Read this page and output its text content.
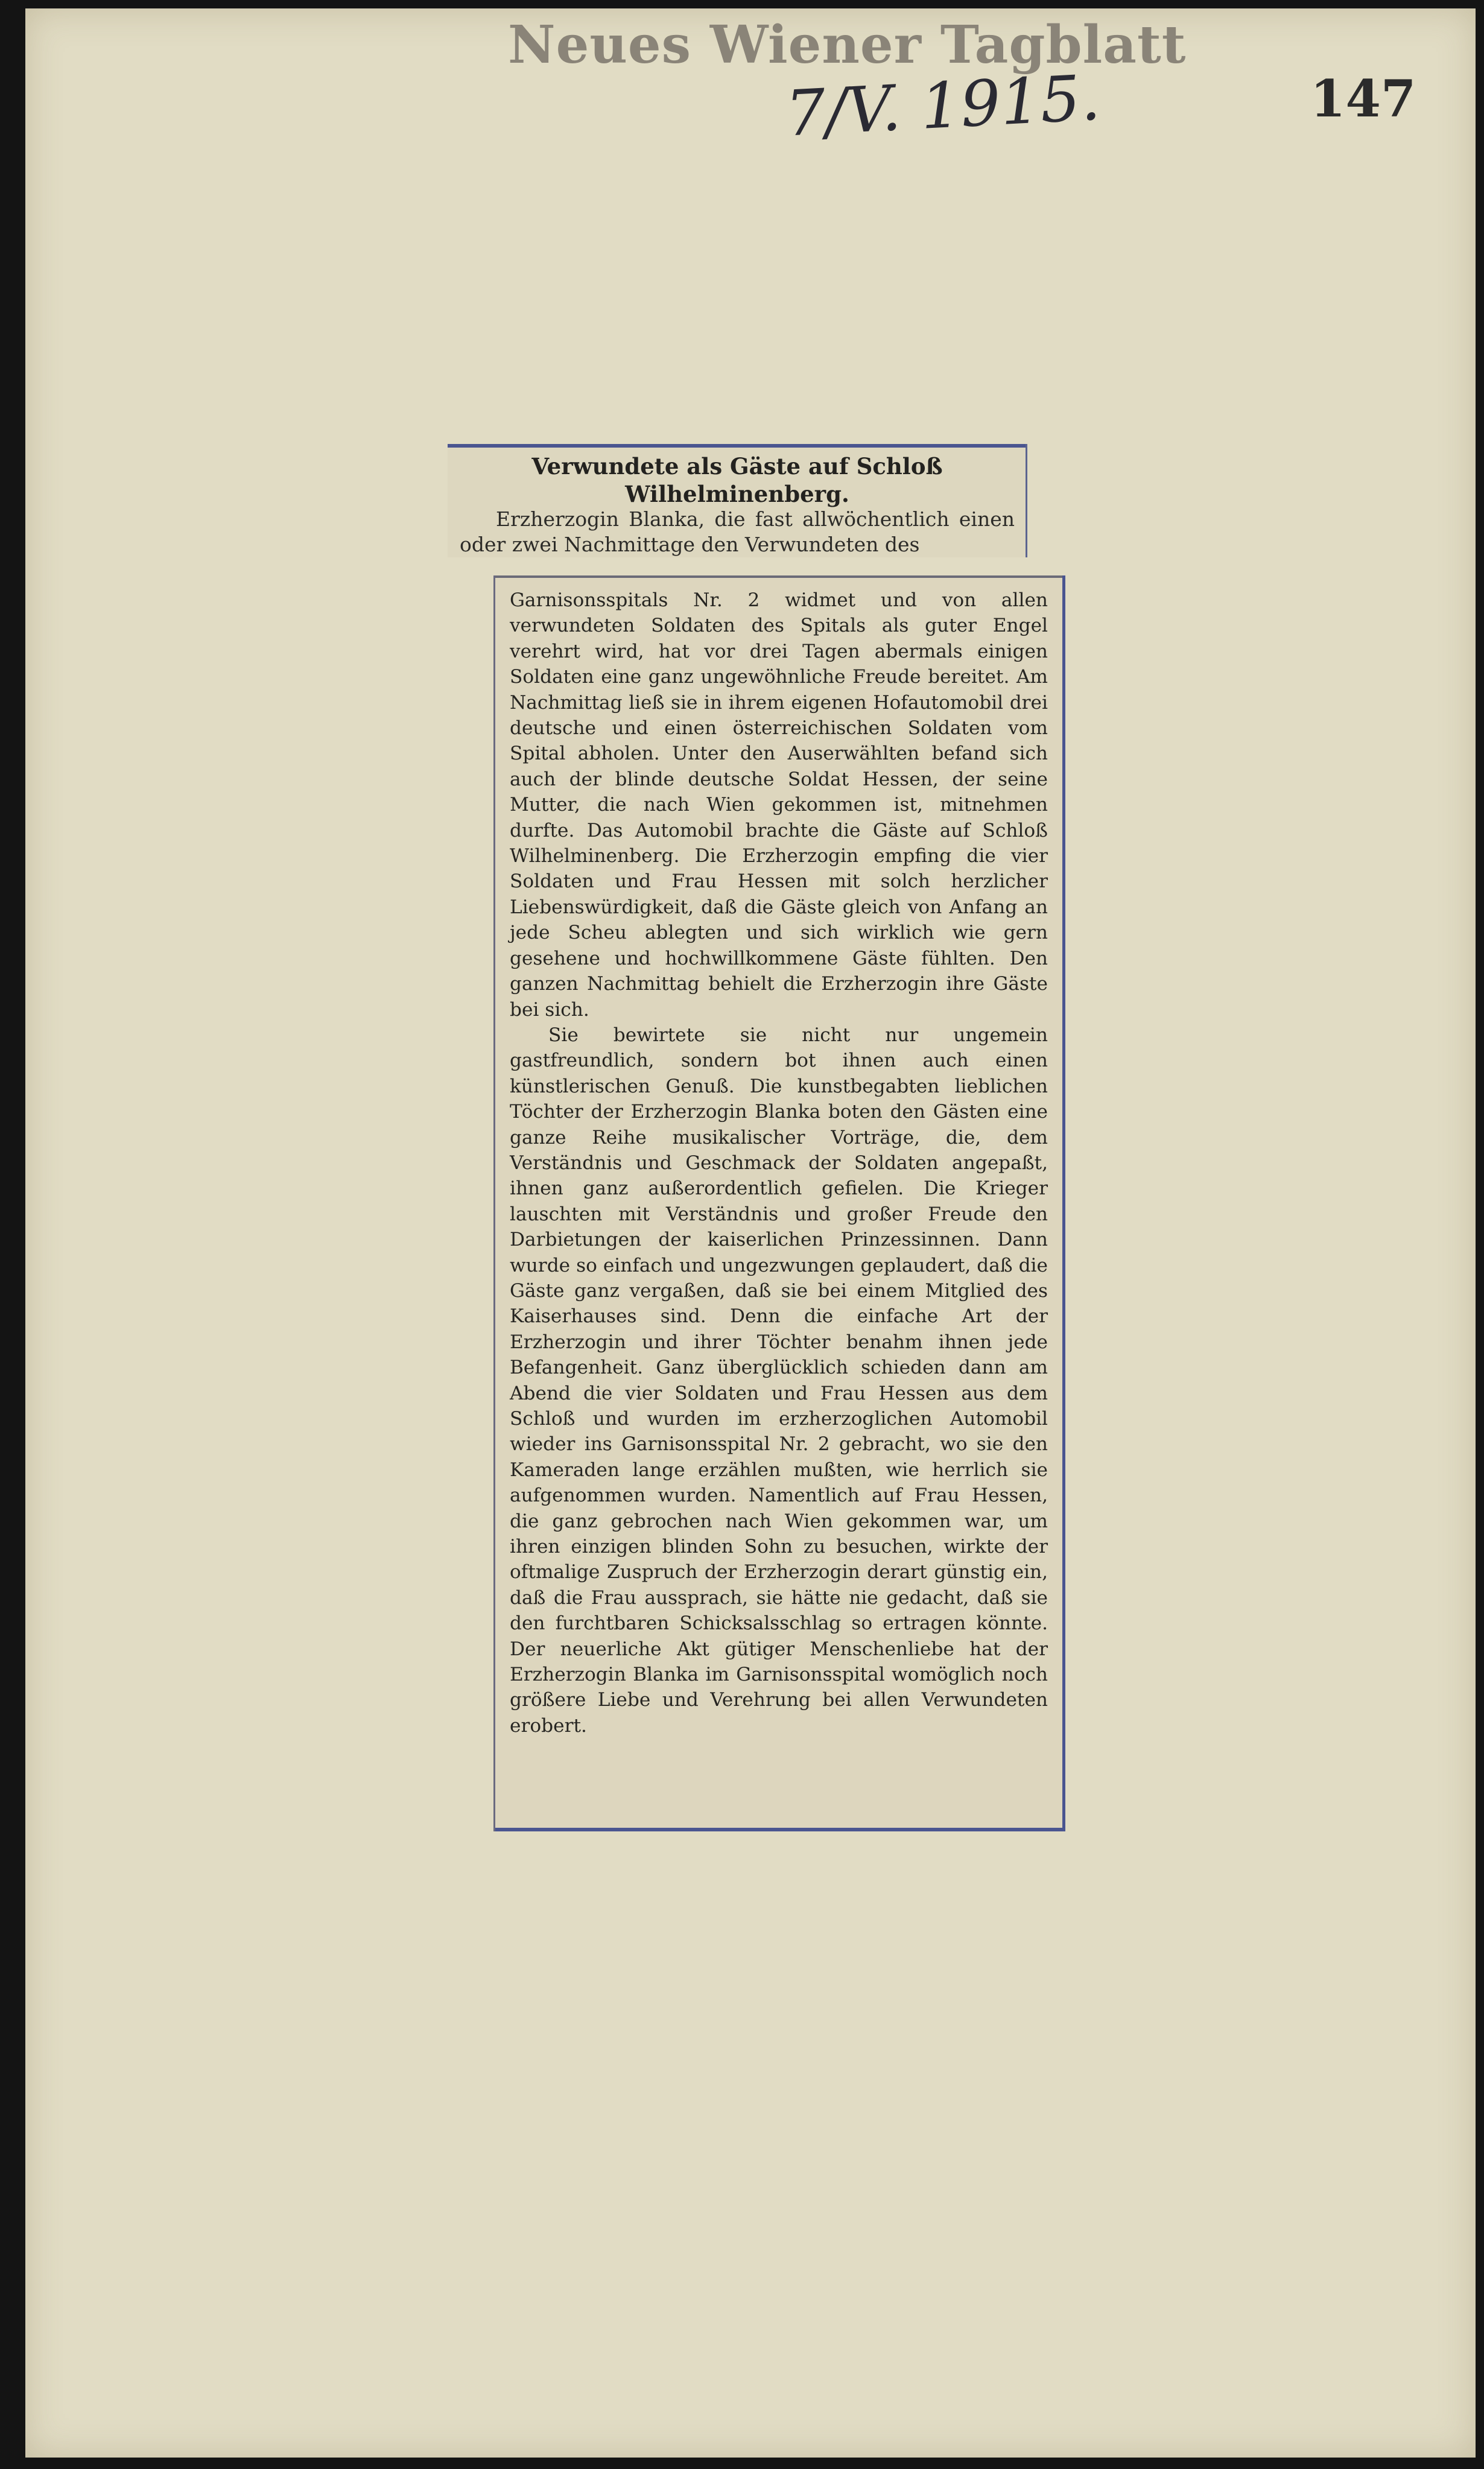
Neues Wiener Tagblatt
7/V. 1915.	147
Verwundete als Gäste auf Schloß Wilhelminenberg.
Erzherzogin Blanka, die fast allwöchentlich einen oder zwei Nachmittage den Verwundeten des

Garnisonsspitals Nr. 2 widmet und von allen verwundeten Soldaten des Spitals als guter Engel verehrt wird, hat vor drei Tagen abermals einigen Soldaten eine ganz ungewöhnliche Freude bereitet. Am Nachmittag ließ sie in ihrem eigenen Hofautomobil drei deutsche und einen österreichischen Soldaten vom Spital abholen. Unter den Auserwählten befand sich auch der blinde deutsche Soldat Hessen, der seine Mutter, die nach Wien gekommen ist, mitnehmen durfte. Das Automobil brachte die Gäste auf Schloß Wilhelminenberg. Die Erzherzogin empfing die vier Soldaten und Frau Hessen mit solch herzlicher Liebenswürdigkeit, daß die Gäste gleich von Anfang an jede Scheu ablegten und sich wirklich wie gern gesehene und hochwillkommene Gäste fühlten. Den ganzen Nachmittag behielt die Erzherzogin ihre Gäste bei sich.

Sie bewirtete sie nicht nur ungemein gastfreundlich, sondern bot ihnen auch einen künstlerischen Genuß. Die kunstbegabten lieblichen Töchter der Erzherzogin Blanka boten den Gästen eine ganze Reihe musikalischer Vorträge, die, dem Verständnis und Geschmack der Soldaten angepaßt, ihnen ganz außerordentlich gefielen. Die Krieger lauschten mit Verständnis und großer Freude den Darbietungen der kaiserlichen Prinzessinnen. Dann wurde so einfach und ungezwungen geplaudert, daß die Gäste ganz vergaßen, daß sie bei einem Mitglied des Kaiserhauses sind. Denn die einfache Art der Erzherzogin und ihrer Töchter benahm ihnen jede Befangenheit. Ganz überglücklich schieden dann am Abend die vier Soldaten und Frau Hessen aus dem Schloß und wurden im erzherzoglichen Automobil wieder ins Garnisonsspital Nr. 2 gebracht, wo sie den Kameraden lange erzählen mußten, wie herrlich sie aufgenommen wurden. Namentlich auf Frau Hessen, die ganz gebrochen nach Wien gekommen war, um ihren einzigen blinden Sohn zu besuchen, wirkte der oftmalige Zuspruch der Erzherzogin derart günstig ein, daß die Frau aussprach, sie hätte nie gedacht, daß sie den furchtbaren Schicksalsschlag so ertragen könnte. Der neuerliche Akt gütiger Menschenliebe hat der Erzherzogin Blanka im Garnisonsspital womöglich noch größere Liebe und Verehrung bei allen Verwundeten erobert.
